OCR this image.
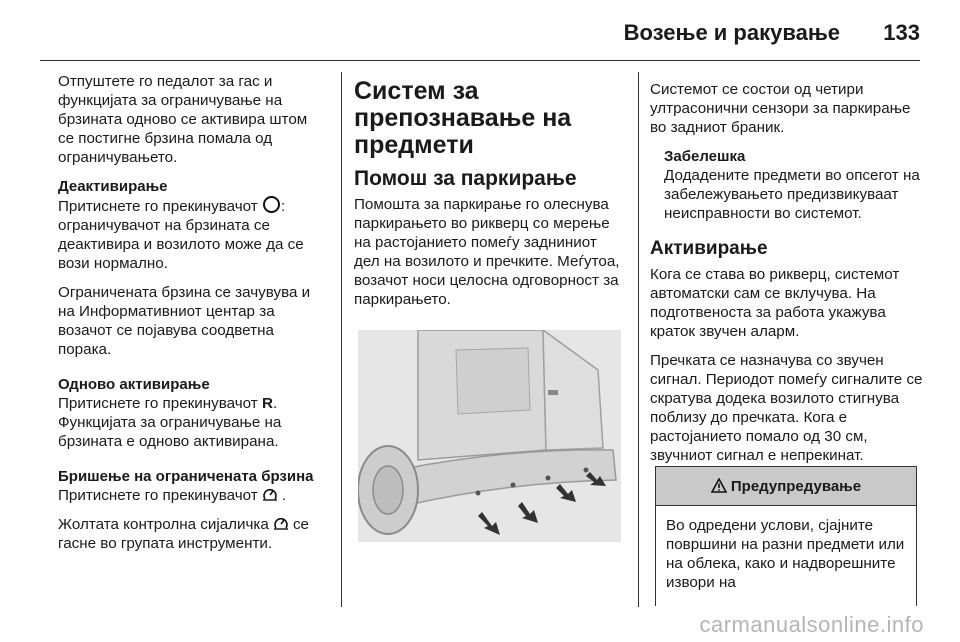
Возење и ракување 133

Отпуштете го педалот за гас и функцијата за ограничување на брзината одново се активира штом се постигне брзина помала од ограничувањето.

Деактивирање

Притиснете го прекинувачот : ограничувачот на брзината се деактивира и возилото може да се вози нормално.

Ограничената брзина се зачувува и на Информативниот центар за возачот се појавува соодветна порака.

Одново активирање

Притиснете го прекинувачот R. Функцијата за ограничување на брзината е одново активирана.

Бришење на ограничената брзина

Притиснете го прекинувачот  .

Жолтата контролна сијаличка  се гасне во групата инструменти.

Систем за препознавање на предмети
Помош за паркирање

Помошта за паркирање го олеснува паркирањето во рикверц со мерење на растојанието помеѓу задниниот дел на возилото и пречките. Меѓутоа, возачот носи целосна одговорност за паркирањето.

Системот се состои од четири ултрасонични сензори за паркирање во задниот браник.

Забелешка

Додадените предмети во опсегот на забележувањето предизвикуваат неисправности во системот.

Активирање

Кога се става во рикверц, системот автоматски сам се вклучува. На подготвеноста за работа укажува краток звучен аларм.

Пречката се назначува со звучен сигнал. Периодот помеѓу сигналите се скратува додека возилото стигнува поблизу до пречката. Кога е растојанието помало од 30 см, звучниот сигнал е непрекинат.

Предупредување

Во одредени услови, сјајните површини на разни предмети или на облека, како и надворешните извори на

carmanualsonline.info
